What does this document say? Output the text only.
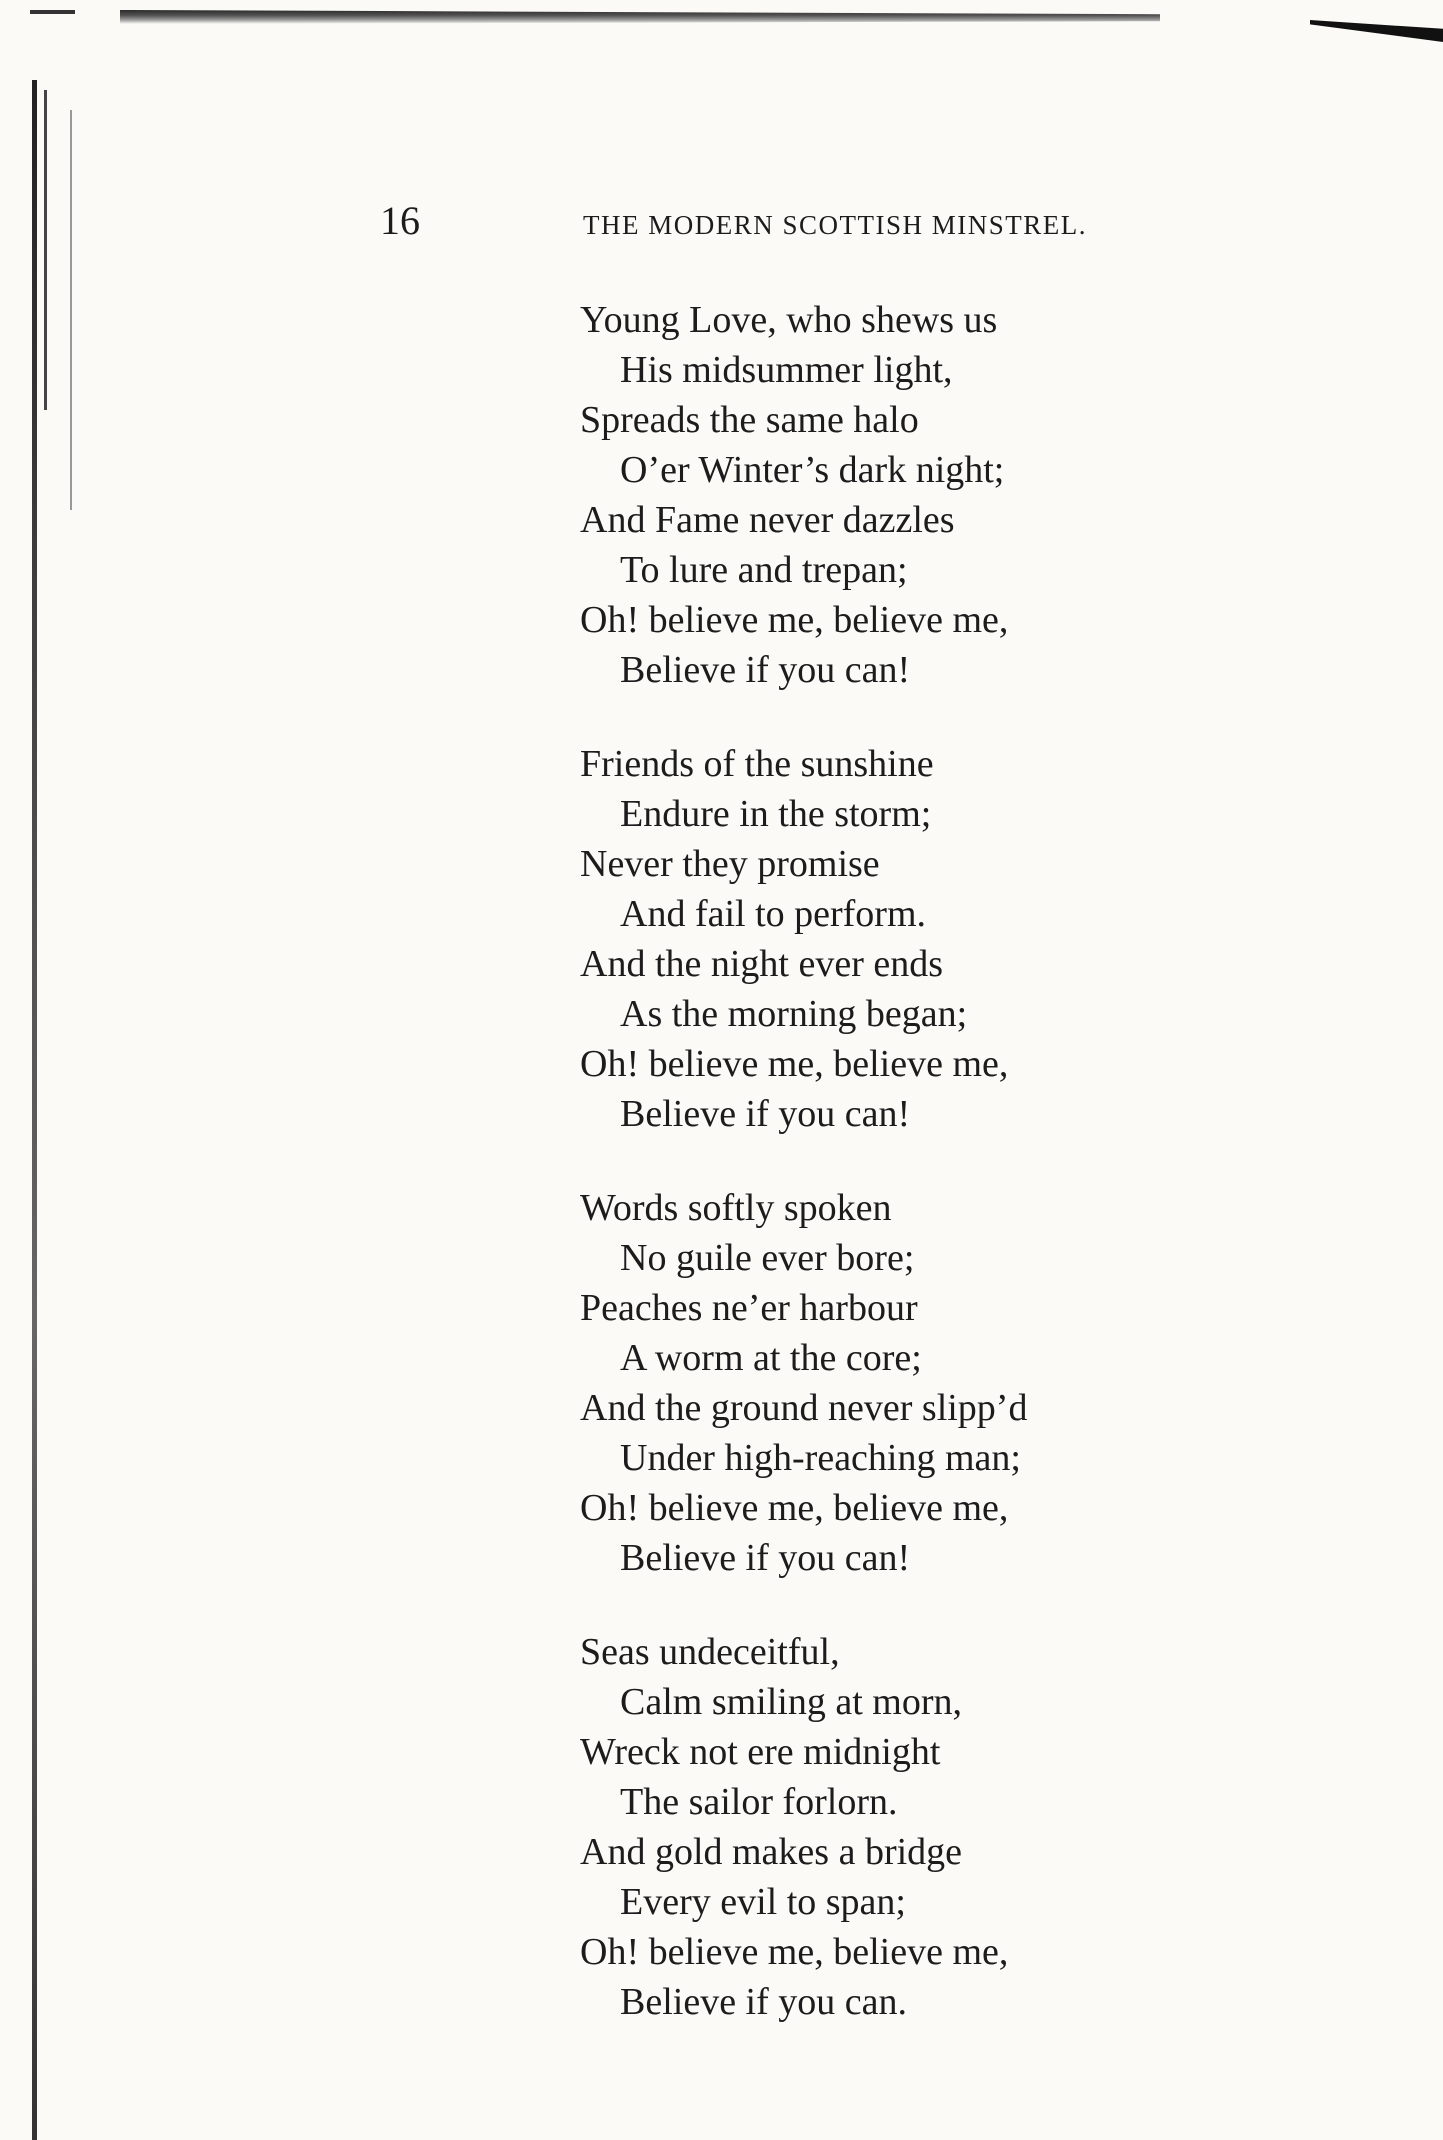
16	THE MODERN SCOTTISH MINSTREL.
Young Love, who shews us
His midsummer light,
Spreads the same halo
O’er Winter’s dark night;
And Fame never dazzles
To lure and trepan;
Oh! believe me, believe me,
Believe if you can!
Friends of the sunshine
Endure in the storm;
Never they promise
And fail to perform.
And the night ever ends
As the morning began;
Oh! believe me, believe me,
Believe if you can!
Words softly spoken
No guile ever bore;
Peaches ne’er harbour
A worm at the core;
And the ground never slipp’d
Under high-reaching man;
Oh! believe me, believe me,
Believe if you can!
Seas undeceitful,
Calm smiling at morn,
Wreck not ere midnight
The sailor forlorn.
And gold makes a bridge
Every evil to span;
Oh! believe me, believe me,
Believe if you can.
